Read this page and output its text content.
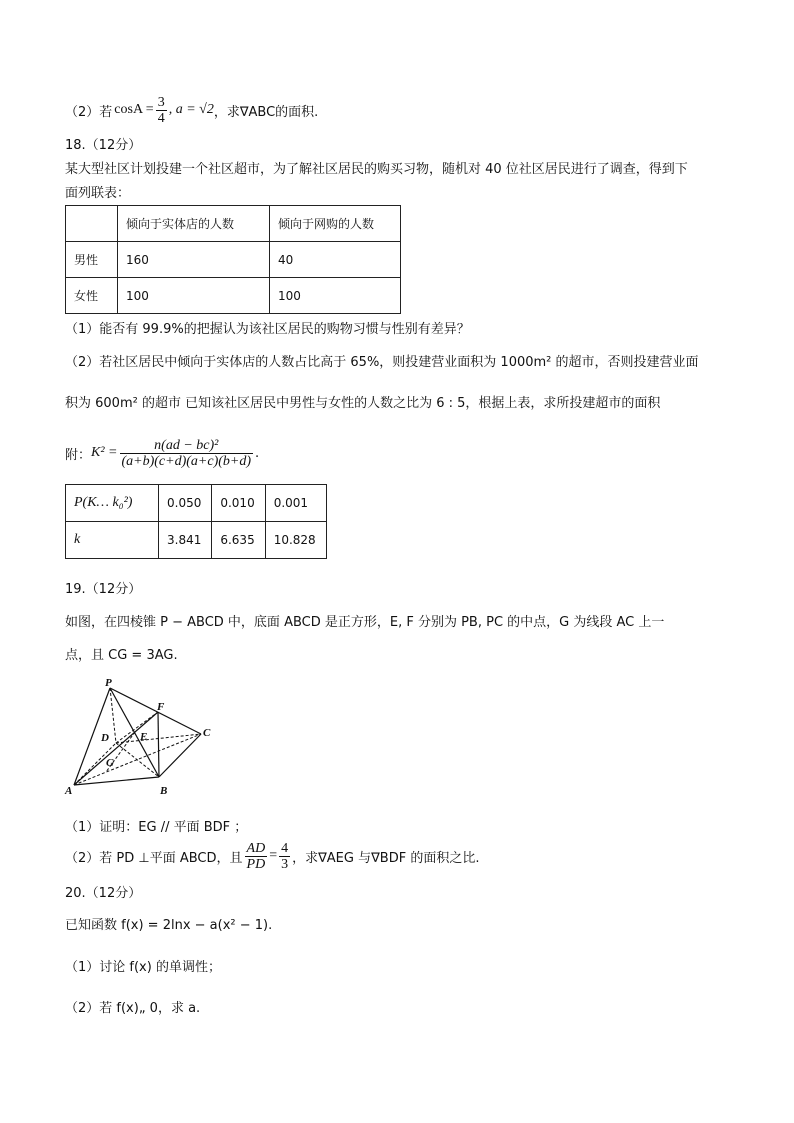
（2）若 $\cos A = \frac{3}{4}$ , a = √2 ，求∇ABC的面积.
18.（12分）
某大型社区计划投建一个社区超市，为了解社区居民的购买习物，随机对 40 位社区居民进行了调查，得到下
面列联表：
	倾向于实体店的人数	倾向于网购的人数
男性	160	40
女性	100	100
（1）能否有 99.9%的把握认为该社区居民的购物习惯与性别有差异？
（2）若社区居民中倾向于实体店的人数占比高于 65%，则投建营业面积为 1000m² 的超市，否则投建营业面
积为 600m² 的超市 已知该社区居民中男性与女性的人数之比为 6 : 5，根据上表，求所投建超市的面积
附： $K^2 = \frac{\text{n(ad − bc)²}}{(a+b)(c+d)(a+c)(b+d)}$ .
P(K… k₀²)	0.050	0.010	0.001
k	3.841	6.635	10.828
19.（12分）
如图，在四棱锥 P − ABCD 中，底面 ABCD 是正方形，E, F 分别为 PB, PC 的中点，G 为线段 AC 上一
点，且 CG = 3AG.
P
F
C
D	E
G
A	B
（1）证明：EG // 平面 BDF ；
（2）若 PD ⊥平面 ABCD，且 $\frac{AD}{PD} = \frac{4}{3}$ ，求∇AEG 与∇BDF 的面积之比.
20.（12分）
已知函数 f(x) = 2lnx − a(x² − 1).
（1）讨论 f(x) 的单调性；
（2）若 f(x)„ 0，求 a.
